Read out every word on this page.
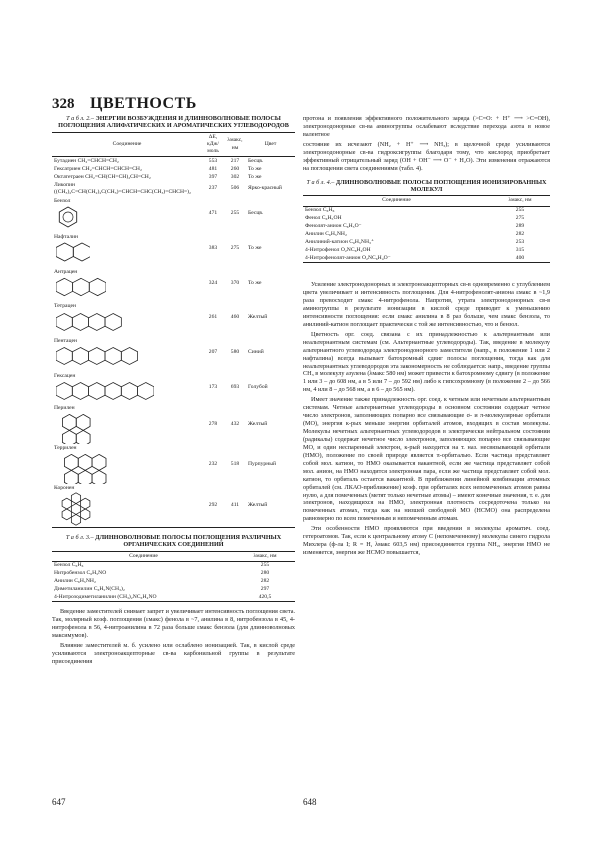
328 ЦВЕТНОСТЬ
Т а б л. 2.– ЭНЕРГИИ ВОЗБУЖДЕНИЯ И ДЛИННОВОЛНОВЫЕ ПОЛОСЫ ПОГЛОЩЕНИЯ АЛИФАТИЧЕСКИХ И АРОМАТИЧЕСКИХ УГЛЕВОДОРОДОВ
Соединение	ΔE, кДж/моль	λмакс, нм	Цвет
Бутадиен CH₂=CHCH=CH₂	553	217	Бесцв.
Гексатриен CH₂=CHCH=CHCH=CH₂	481	260	То же
Октатетраен CH₂=CH(CH=CH)₂CH=CH₂	397	302	То же
Ликопин ((CH₃)₂C=CH(CH₂)₂C(CH₃)=CHCH=CHC(CH₃)=CHCH=)₂	237	506	Ярко-красный
Бензол	471	255	Бесцв.
Нафталин	383	275	То же
Антрацен	324	370	То же
Тетрацен	261	460	Желтый
Пентацен	207	580	Синий
Гексацен	173	693	Голубой
Перилен	278	432	Желтый
Террилен	232	518	Пурпурный
Коронен	292	411	Желтый
Т а б л. 3.– ДЛИННОВОЛНОВЫЕ ПОЛОСЫ ПОГЛОЩЕНИЯ РАЗЛИЧНЫХ ОРГАНИЧЕСКИХ СОЕДИНЕНИЙ
Соединение	λмакс, нм
Бензол C₆H₆	255
Нитробензол C₆H₅NO	280
Анилин C₆H₅NH₂	282
Диметиланилин C₆H₅N(CH₃)₂	297
4-Нитрозодиметиланилин (CH₃)₂NC₆H₄NO	420,5

Введение заместителей снимает запрет и увеличивает интенсивность поглощения света. Так, молярный коэф. поглощения (εмакс) фенола в ~7, анилина в 8, нитробензола в 45, 4-нитрофенола в 56, 4-нитроанилина в 72 раза больше εмакс бензола (для длинноволновых максимумов).

Влияние заместителей м. б. усилено или ослаблено ионизацией. Так, в кислой среде усиливаются электроноакцепторные св-ва карбонильной группы в результате присоединения

протона и появления эффективного положительного заряда (>C=O: + H⁺ ⟶ >C=OH), электронодонорные св-ва аминогруппы ослабевают вследствие перехода азота в новое валентное

состояние их исчезают (NH₂ + H⁺ ⟶ NH₃); в щелочной среде усиливаются электронодонорные св-ва гидроксигруппы благодаря тому, что кислород приобретает эффективный отрицательный заряд (OH + OH⁻ ⟶ O⁻ + H₂O). Эти изменения отражаются на поглощении света соединениями (табл. 4).

Т а б л. 4.– ДЛИННОВОЛНОВЫЕ ПОЛОСЫ ПОГЛОЩЕНИЯ ИОНИЗИРОВАННЫХ МОЛЕКУЛ
Соединение	λмакс, нм
Бензол C₆H₆	255
Фенол C₆H₅OH	275
Фенолят-анион C₆H₅O⁻	289
Анилин C₆H₅NH₂	282
Анилиний-катион C₆H₅NH₃⁺	253
4-Нитрофенол O₂NC₆H₄OH	315
4-Нитрофенолят-анион O₂NC₆H₄O⁻	400

Усиление электронодонорных и электроноакцепторных св-в одновременно с углублением цвета увеличивает и интенсивность поглощения. Для 4-нитрофенолят-аниона εмакс в ~1,9 раза превосходит εмакс 4-нитрофенола. Напротив, утрата электронодонорных св-в аминогруппы в результате ионизации в кислой среде приводит к уменьшению интенсивности поглощения: если εмакс анилина в 8 раз больше, чем εмакс бензола, то анилиний-катион поглощает практически с той же интенсивностью, что и бензол.

Цветность орг. соед. связана с их принадлежностью к альтернантным или неальтернантным системам (см. Альтернантные углеводороды). Так, введение в молекулу альтернантного углеводорода электронодонорного заместителя (напр., в положение 1 или 2 нафталина) всегда вызывает батохромный сдвиг полосы поглощения, тогда как для неальтернантных углеводородов эта закономерность не соблюдается: напр., введение группы CH₃ в молекулу азулена (λмакс 580 нм) может привести к батохромному сдвигу (в положение 1 или 3 – до 608 нм, а в 5 или 7 – до 592 нм) либо к гипсохромному (в положение 2 – до 566 нм, 4 или 8 – до 568 нм, а в 6 – до 565 нм).

Имеет значение также принадлежность орг. соед. к четным или нечетным альтернантным системам. Четные альтернантные углеводороды в основном состоянии содержат четное число электронов, заполняющих попарно все связывающие σ- и π-молекулярные орбитали (МО), энергия к-рых меньше энергии орбиталей атомов, входящих в состав молекулы. Молекулы нечетных альтернантных углеводородов в электрически нейтральном состоянии (радикалы) содержат нечетное число электронов, заполняющих попарно все связывающие МО, и один неспаренный электрон, к-рый находится на т. наз. несвязывающей орбитали (НМО), положение по своей природе является π-орбиталью. Если частица представляет собой мол. катион, то НМО оказывается вакантной, если же частица представляет собой мол. анион, на НМО находится электронная пара, если же частица представляет собой мол. катион, то орбиталь остается вакантной. В приближении линейной комбинации атомных орбиталей (см. ЛКАО-приближение) коэф. при орбиталях всех непомеченных атомов равны нулю, а для помеченных (метят только нечетные атомы) – имеют конечные значения, т. е. для электронов, находящихся на НМО, электронная плотность сосредоточена только на помеченных атомах, тогда как на низшей свободной МО (НСМО) она распределена равномерно по всем помеченным и непомеченным атомам.

Эти особенности НМО проявляются при введении в молекулы ароматич. соед. гетероатомов. Так, если к центральному атому C (непомеченному) молекулы синего гидрола Михлера (ф-ла I; R = H, λмакс 603,5 нм) присоединяется группа NH₂, энергия НМО не изменяется, энергия же НСМО повышается,

647	648
